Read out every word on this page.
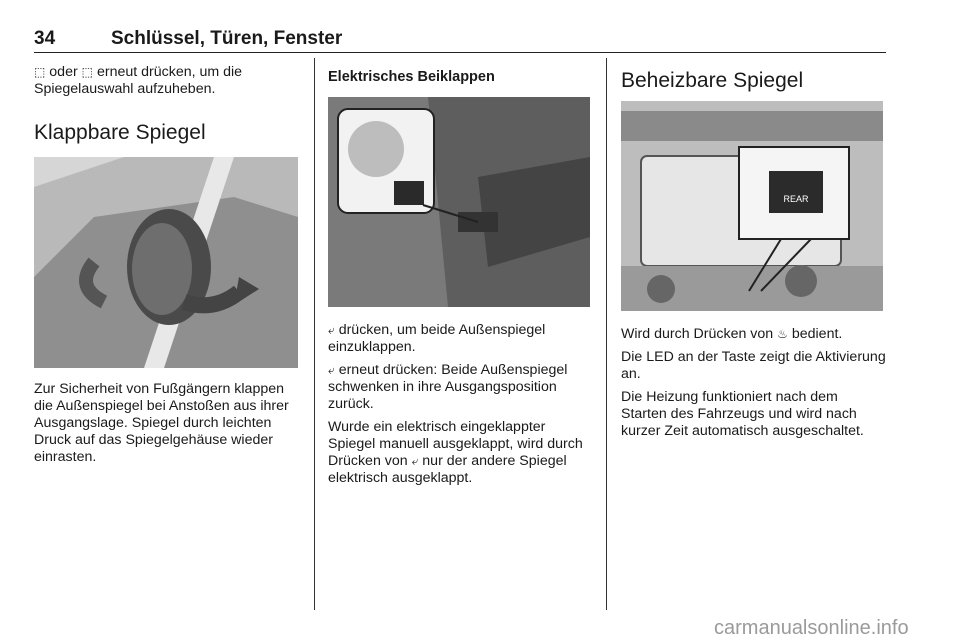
34	Schlüssel, Türen, Fenster

⬚ oder ⬚ erneut drücken, um die Spiegelauswahl aufzuheben.

Klappbare Spiegel

Zur Sicherheit von Fußgängern klappen die Außenspiegel bei Anstoßen aus ihrer Ausgangslage. Spiegel durch leichten Druck auf das Spiegelgehäuse wieder einrasten.

Elektrisches Beiklappen

⤶ drücken, um beide Außenspiegel einzuklappen.

⤶ erneut drücken: Beide Außenspiegel schwenken in ihre Ausgangsposition zurück.

Wurde ein elektrisch eingeklappter Spiegel manuell ausgeklappt, wird durch Drücken von ⤶ nur der andere Spiegel elektrisch ausgeklappt.

Beheizbare Spiegel
REAR

Wird durch Drücken von ♨ bedient.

Die LED an der Taste zeigt die Aktivierung an.

Die Heizung funktioniert nach dem Starten des Fahrzeugs und wird nach kurzer Zeit automatisch ausgeschaltet.

carmanualsonline.info
